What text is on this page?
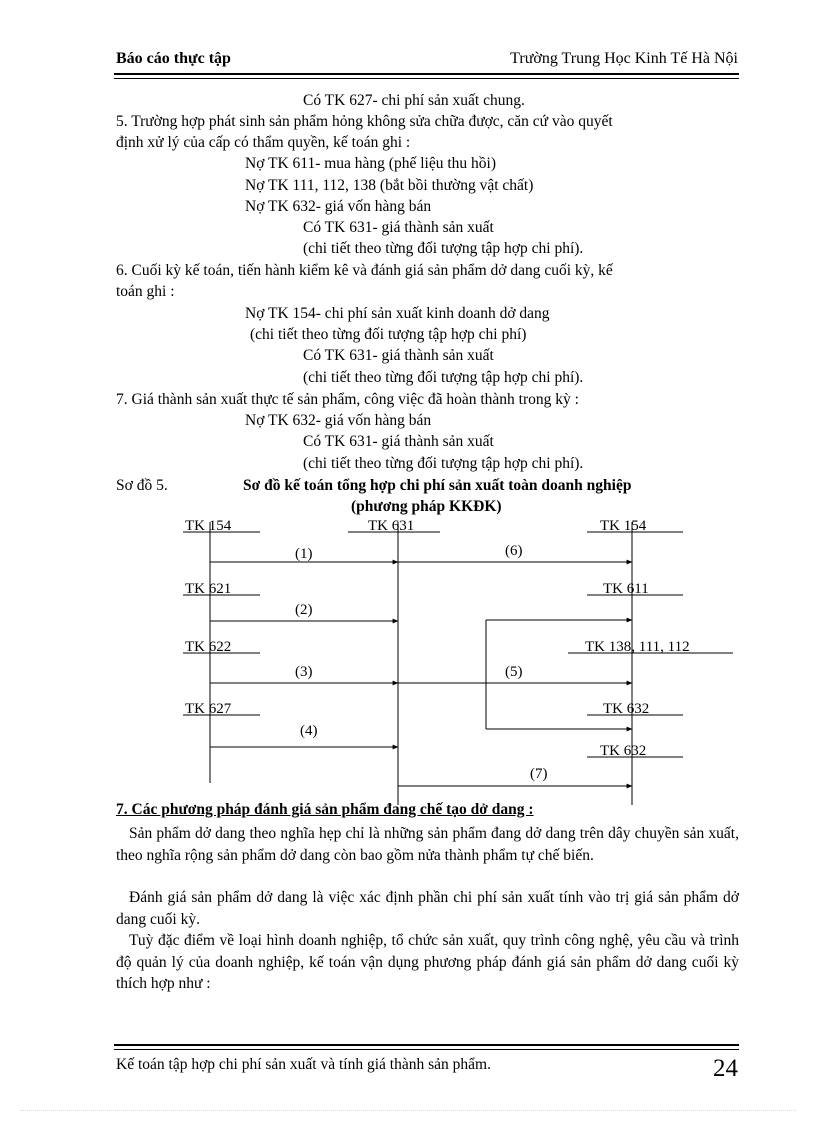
Báo cáo thực tập	Trường Trung Học Kinh Tế Hà Nội
Có TK 627- chi phí sản xuất chung.
5. Trường hợp phát sinh sản phẩm hỏng không sửa chữa được, căn cứ vào quyết
định xử lý của cấp có thẩm quyền, kế toán ghi :
Nợ TK 611- mua hàng (phế liệu thu hồi)
Nợ TK 111, 112, 138 (bắt bồi thường vật chất)
Nợ TK 632- giá vốn hàng bán
Có TK 631- giá thành sản xuất
(chi tiết theo từng đối tượng tập hợp chi phí).
6. Cuối kỳ kế toán, tiến hành kiểm kê và đánh giá sản phẩm dở dang cuối kỳ, kế
toán ghi :
Nợ TK 154- chi phí sản xuất kinh doanh dở dang
(chi tiết theo từng đối tượng tập hợp chi phí)
Có TK 631- giá thành sản xuất
(chi tiết theo từng đối tượng tập hợp chi phí).
7. Giá thành sản xuất thực tế sản phẩm, công việc đã hoàn thành trong kỳ :
Nợ TK 632- giá vốn hàng bán
Có TK 631- giá thành sản xuất
(chi tiết theo từng đối tượng tập hợp chi phí).
Sơ đồ 5.	Sơ đồ kế toán tổng hợp chi phí sản xuất toàn doanh nghiệp
(phương pháp KKĐK)
TK 154
TK 621
TK 622
TK 627
TK 631	TK 154
TK 611
TK 138, 111, 112
TK 632
TK 632
(1)
(2)
(3)
(4)
(5)
(6)
(7)
7. Các phương pháp đánh giá sản phẩm đang chế tạo dở dang :
Sản phẩm dở dang theo nghĩa hẹp chỉ là những sản phẩm đang dở dang trên dây chuyền sản xuất, theo nghĩa rộng sản phẩm dở dang còn bao gồm nửa thành phẩm tự chế biến.
Đánh giá sản phẩm dở dang là việc xác định phần chi phí sản xuất tính vào trị giá sản phẩm dở dang cuối kỳ.
Tuỳ đặc điểm về loại hình doanh nghiệp, tổ chức sản xuất, quy trình công nghệ, yêu cầu và trình độ quản lý của doanh nghiệp, kế toán vận dụng phương pháp đánh giá sản phẩm dở dang cuối kỳ thích hợp như :
Kế toán tập hợp chi phí sản xuất và tính giá thành sản phẩm.	24
